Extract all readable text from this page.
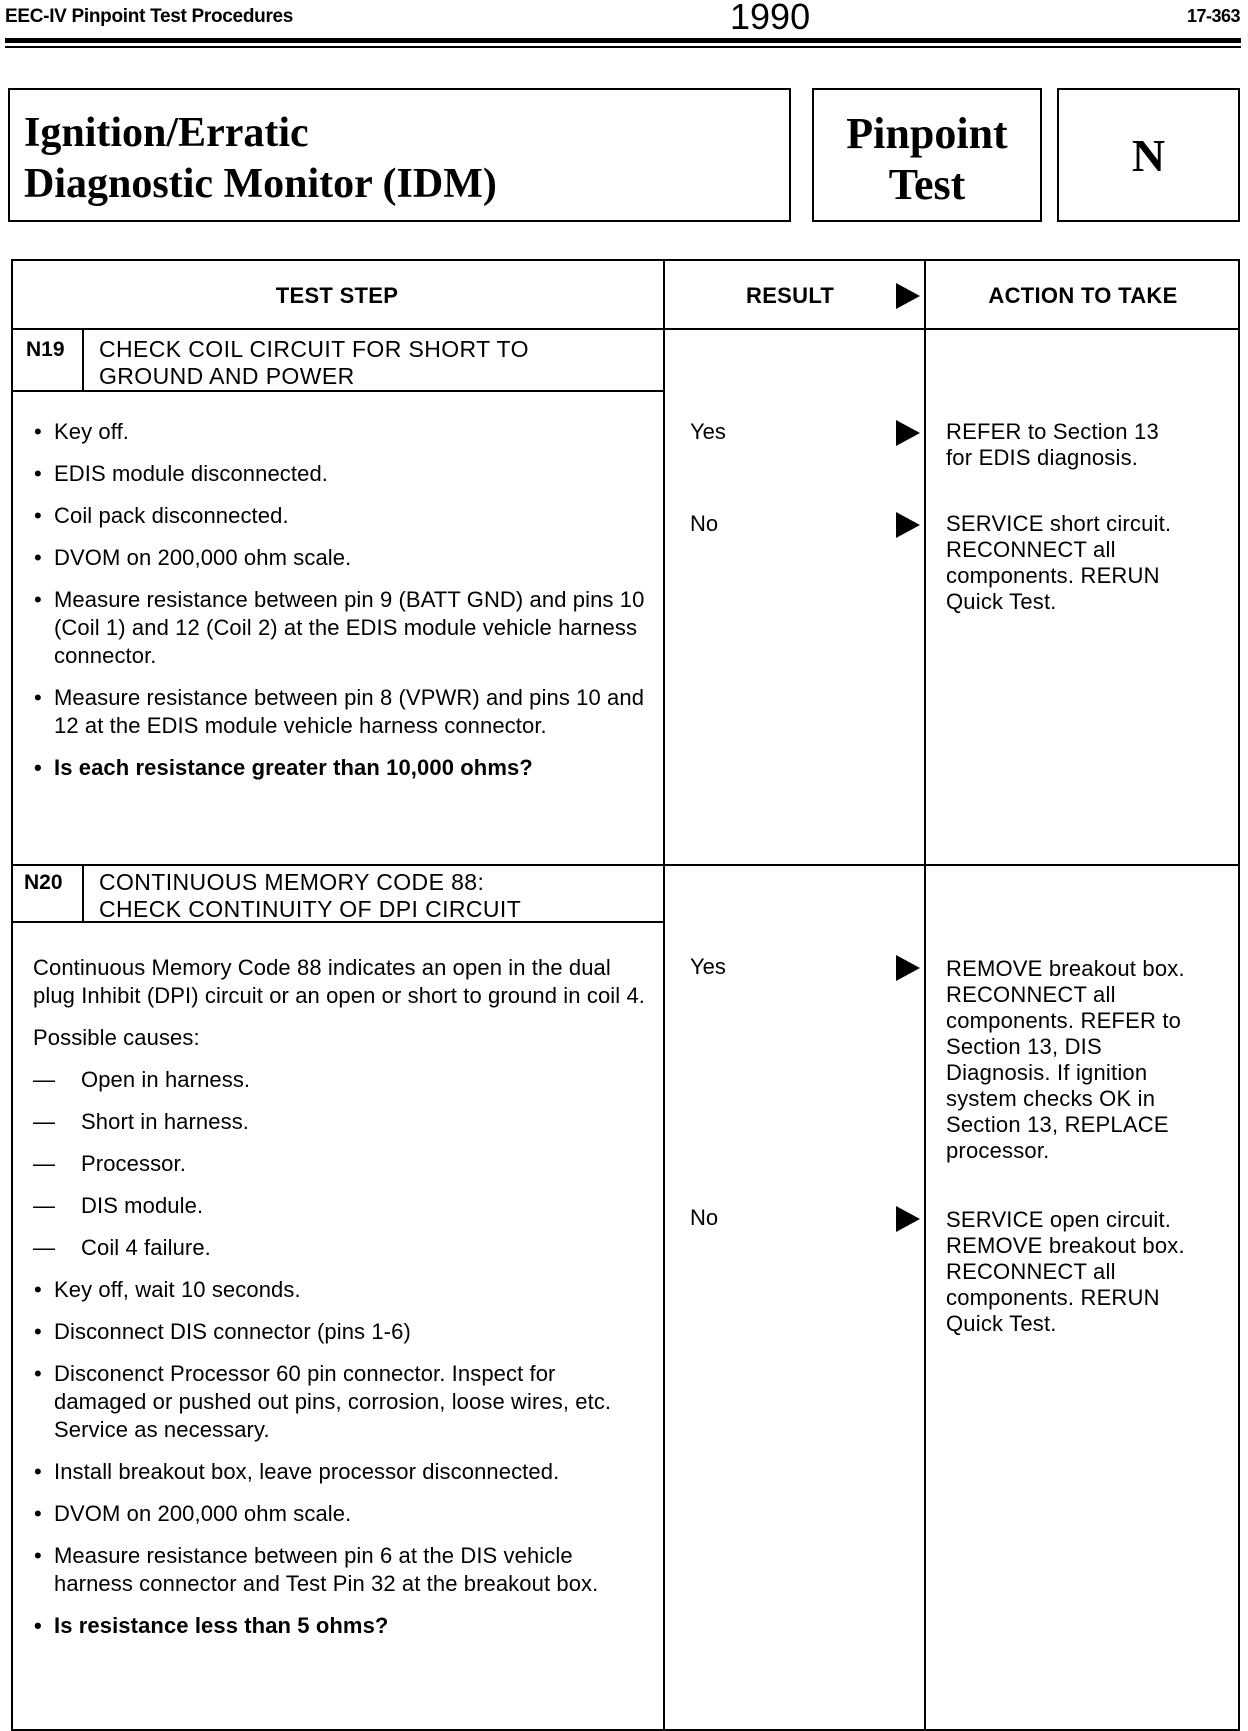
EEC-IV Pinpoint Test Procedures	1990	17-363
Ignition/Erratic
Diagnostic Monitor (IDM)
Pinpoint
Test
N
TEST STEP	RESULT	ACTION TO TAKE
N19 CHECK COIL CIRCUIT FOR SHORT TO
GROUND AND POWER
• Key off.
• EDIS module disconnected.
• Coil pack disconnected.
• DVOM on 200,000 ohm scale.
• Measure resistance between pin 9 (BATT GND) and pins 10 (Coil 1) and 12 (Coil 2) at the EDIS module vehicle harness connector.
• Measure resistance between pin 8 (VPWR) and pins 10 and 12 at the EDIS module vehicle harness connector.
• Is each resistance greater than 10,000 ohms?
Yes	REFER to Section 13

for EDIS diagnosis.

No	SERVICE short circuit.

RECONNECT all

components. RERUN

Quick Test.

N20 CONTINUOUS MEMORY CODE 88:
CHECK CONTINUITY OF DPI CIRCUIT

Continuous Memory Code 88 indicates an open in the dual plug Inhibit (DPI) circuit or an open or short to ground in coil 4.

Possible causes:

— Open in harness.
— Short in harness.
— Processor.
— DIS module.
— Coil 4 failure.
• Key off, wait 10 seconds.
• Disconnect DIS connector (pins 1-6)
• Disconenct Processor 60 pin connector. Inspect for damaged or pushed out pins, corrosion, loose wires, etc. Service as necessary.
• Install breakout box, leave processor disconnected.
• DVOM on 200,000 ohm scale.
• Measure resistance between pin 6 at the DIS vehicle harness connector and Test Pin 32 at the breakout box.
• Is resistance less than 5 ohms?
Yes	REMOVE breakout box.

RECONNECT all

components. REFER to

Section 13, DIS

Diagnosis. If ignition

system checks OK in

Section 13, REPLACE

processor.

No	SERVICE open circuit.

REMOVE breakout box.

RECONNECT all

components. RERUN

Quick Test.
